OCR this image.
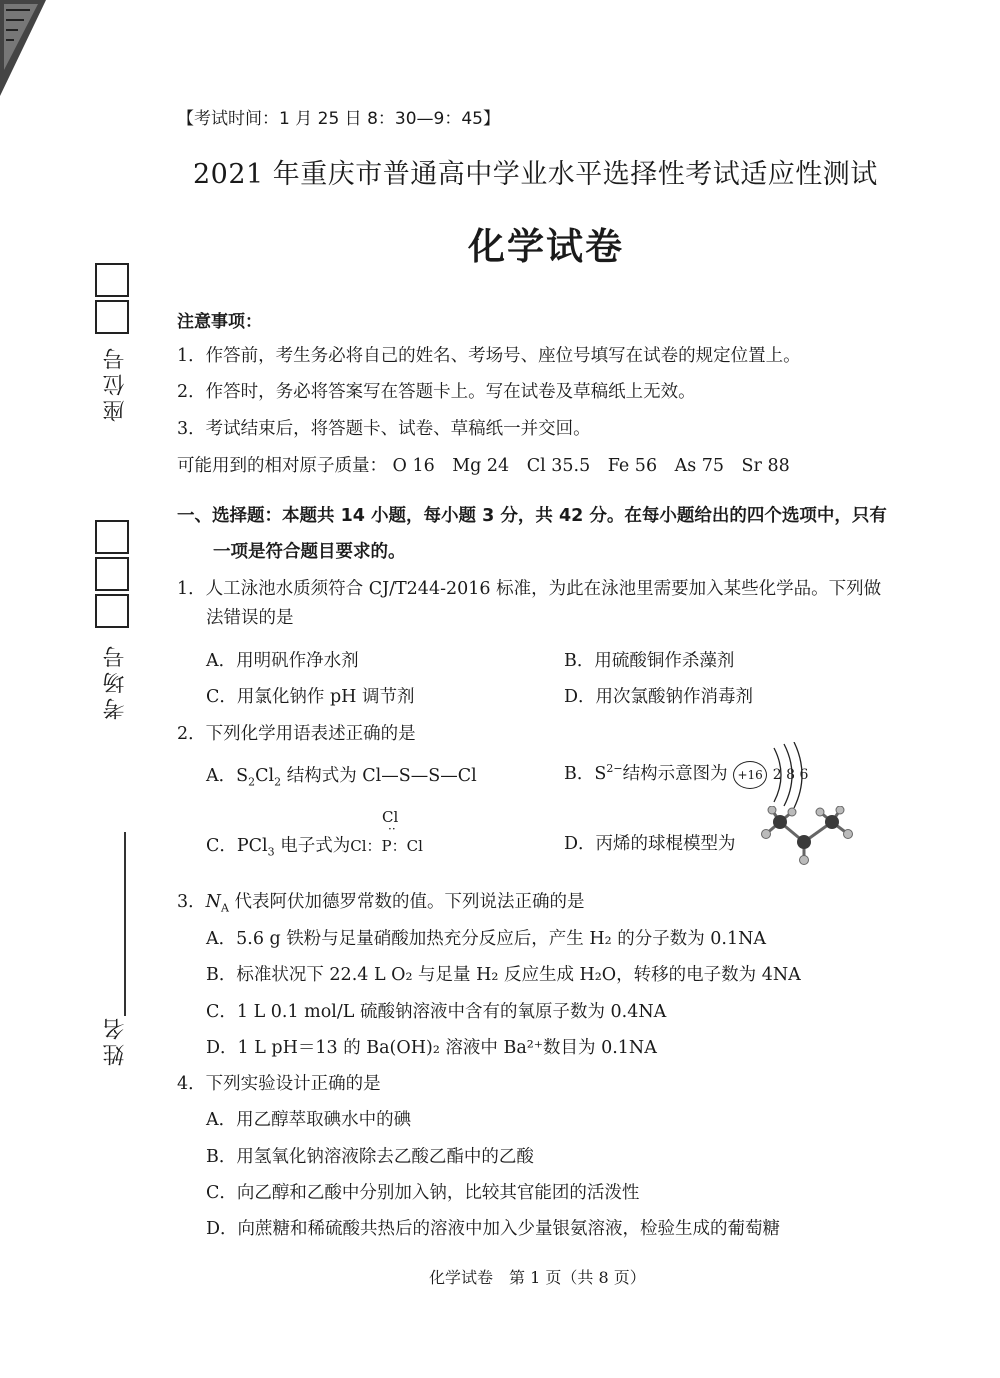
【考试时间：1 月 25 日 8：30—9：45】
2021 年重庆市普通高中学业水平选择性考试适应性测试
化学试卷
座位号
考场号
姓名
注意事项：
1．作答前，考生务必将自己的姓名、考场号、座位号填写在试卷的规定位置上。
2．作答时，务必将答案写在答题卡上。写在试卷及草稿纸上无效。
3．考试结束后，将答题卡、试卷、草稿纸一并交回。
可能用到的相对原子质量： O 16　Mg 24　Cl 35.5　Fe 56　As 75　Sr 88
一、选择题：本题共 14 小题，每小题 3 分，共 42 分。在每小题给出的四个选项中，只有
一项是符合题目要求的。
1．人工泳池水质须符合 CJ/T244-2016 标准，为此在泳池里需要加入某些化学品。下列做
法错误的是
A．用明矾作净水剂	B．用硫酸铜作杀藻剂
C．用氯化钠作 pH 调节剂	D．用次氯酸钠作消毒剂
2．下列化学用语表述正确的是
A．$S_2Cl_2$ 结构式为 Cl—S—S—Cl	B．$S^{2-}$结构示意图为 +16 2 8 6
Cl
··
C．PCl$_3$ 电子式为Cl：P：Cl	D．丙烯的球棍模型为
3．$N_A$ 代表阿伏加德罗常数的值。下列说法正确的是
A．5.6 g 铁粉与足量硝酸加热充分反应后，产生 H₂ 的分子数为 0.1NA
B．标准状况下 22.4 L O₂ 与足量 H₂ 反应生成 H₂O，转移的电子数为 4NA
C．1 L 0.1 mol/L 硫酸钠溶液中含有的氧原子数为 0.4NA
D．1 L pH＝13 的 Ba(OH)₂ 溶液中 Ba²⁺数目为 0.1NA
4．下列实验设计正确的是
A．用乙醇萃取碘水中的碘
B．用氢氧化钠溶液除去乙酸乙酯中的乙酸
C．向乙醇和乙酸中分别加入钠，比较其官能团的活泼性
D．向蔗糖和稀硫酸共热后的溶液中加入少量银氨溶液，检验生成的葡萄糖
化学试卷　第 1 页（共 8 页）
